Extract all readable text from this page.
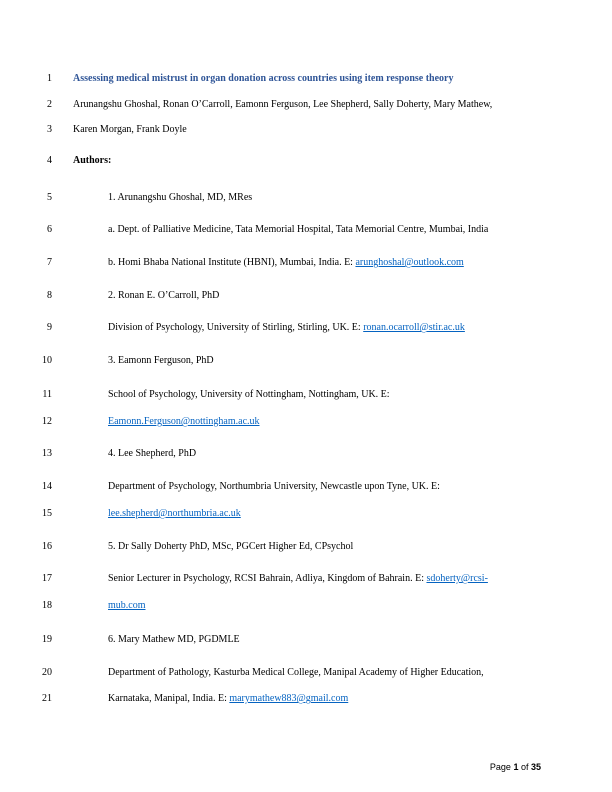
1 Assessing medical mistrust in organ donation across countries using item response theory
2 Arunangshu Ghoshal, Ronan O’Carroll, Eamonn Ferguson, Lee Shepherd, Sally Doherty, Mary Mathew,
3 Karen Morgan, Frank Doyle
4 Authors:
5	1. Arunangshu Ghoshal, MD, MRes
6	a. Dept. of Palliative Medicine, Tata Memorial Hospital, Tata Memorial Centre, Mumbai, India
7	b. Homi Bhaba National Institute (HBNI), Mumbai, India. E: arunghoshal@outlook.com
8	2. Ronan E. O’Carroll, PhD
9	Division of Psychology, University of Stirling, Stirling, UK. E: ronan.ocarroll@stir.ac.uk
10	3. Eamonn Ferguson, PhD
11	School of Psychology, University of Nottingham, Nottingham, UK. E:
12	Eamonn.Ferguson@nottingham.ac.uk
13	4. Lee Shepherd, PhD
14	Department of Psychology, Northumbria University, Newcastle upon Tyne, UK. E:
15	lee.shepherd@northumbria.ac.uk
16	5. Dr Sally Doherty PhD, MSc, PGCert Higher Ed, CPsychol
17	Senior Lecturer in Psychology, RCSI Bahrain, Adliya, Kingdom of Bahrain. E: sdoherty@rcsi-
18	mub.com
19	6. Mary Mathew MD, PGDMLE
20	Department of Pathology, Kasturba Medical College, Manipal Academy of Higher Education,
21	Karnataka, Manipal, India. E: marymathew883@gmail.com
Page 1 of 35
